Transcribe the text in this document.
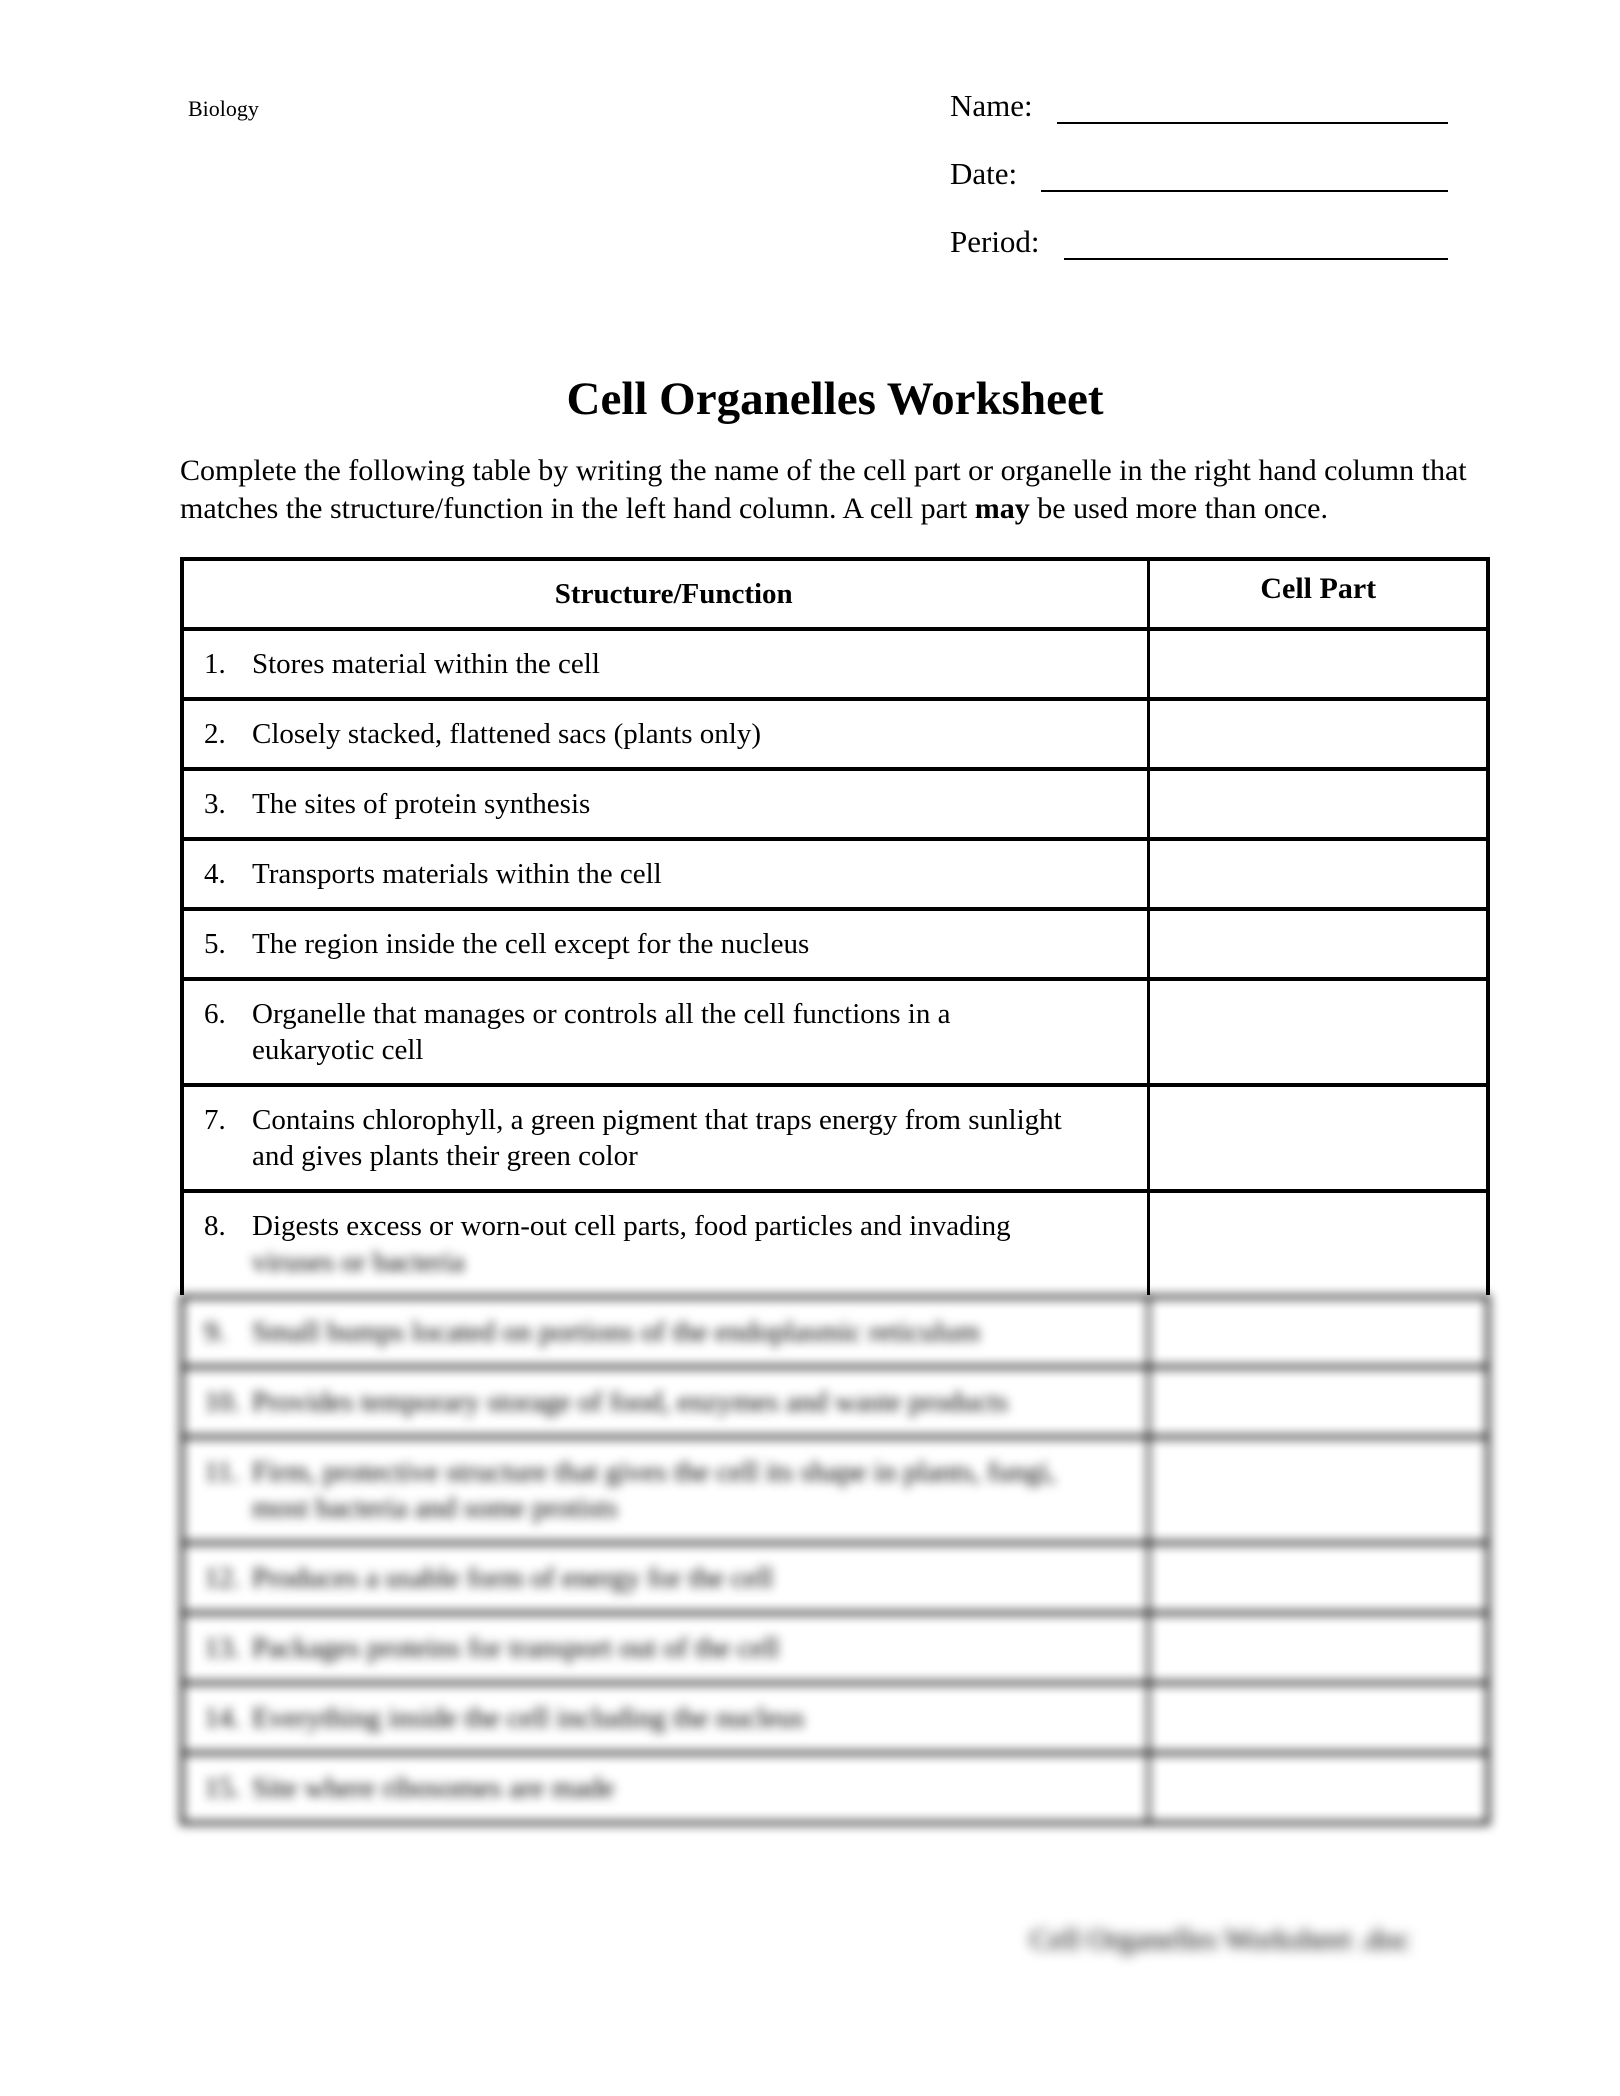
Biology	Name:
Date:
Period:
Cell Organelles Worksheet

Complete the following table by writing the name of the cell part or organelle in the right hand column that matches the structure/function in the left hand column. A cell part may be used more than once.

Structure/Function	Cell Part
1. Stores material within the cell
2. Closely stacked, flattened sacs (plants only)
3. The sites of protein synthesis
4. Transports materials within the cell
5. The region inside the cell except for the nucleus
6. Organelle that manages or controls all the cell functions in a
eukaryotic cell
7. Contains chlorophyll, a green pigment that traps energy from sunlight
and gives plants their green color
8. Digests excess or worn-out cell parts, food particles and invadingviruses or bacteria
9. Small bumps located on portions of the endoplasmic reticulum
10. Provides temporary storage of food, enzymes and waste products
11. Firm, protective structure that gives the cell its shape in plants, fungi,
most bacteria and some protists
12. Produces a usable form of energy for the cell
13. Packages proteins for transport out of the cell
14. Everything inside the cell including the nucleus
15. Site where ribosomes are made
Cell Organelles Worksheet .doc
